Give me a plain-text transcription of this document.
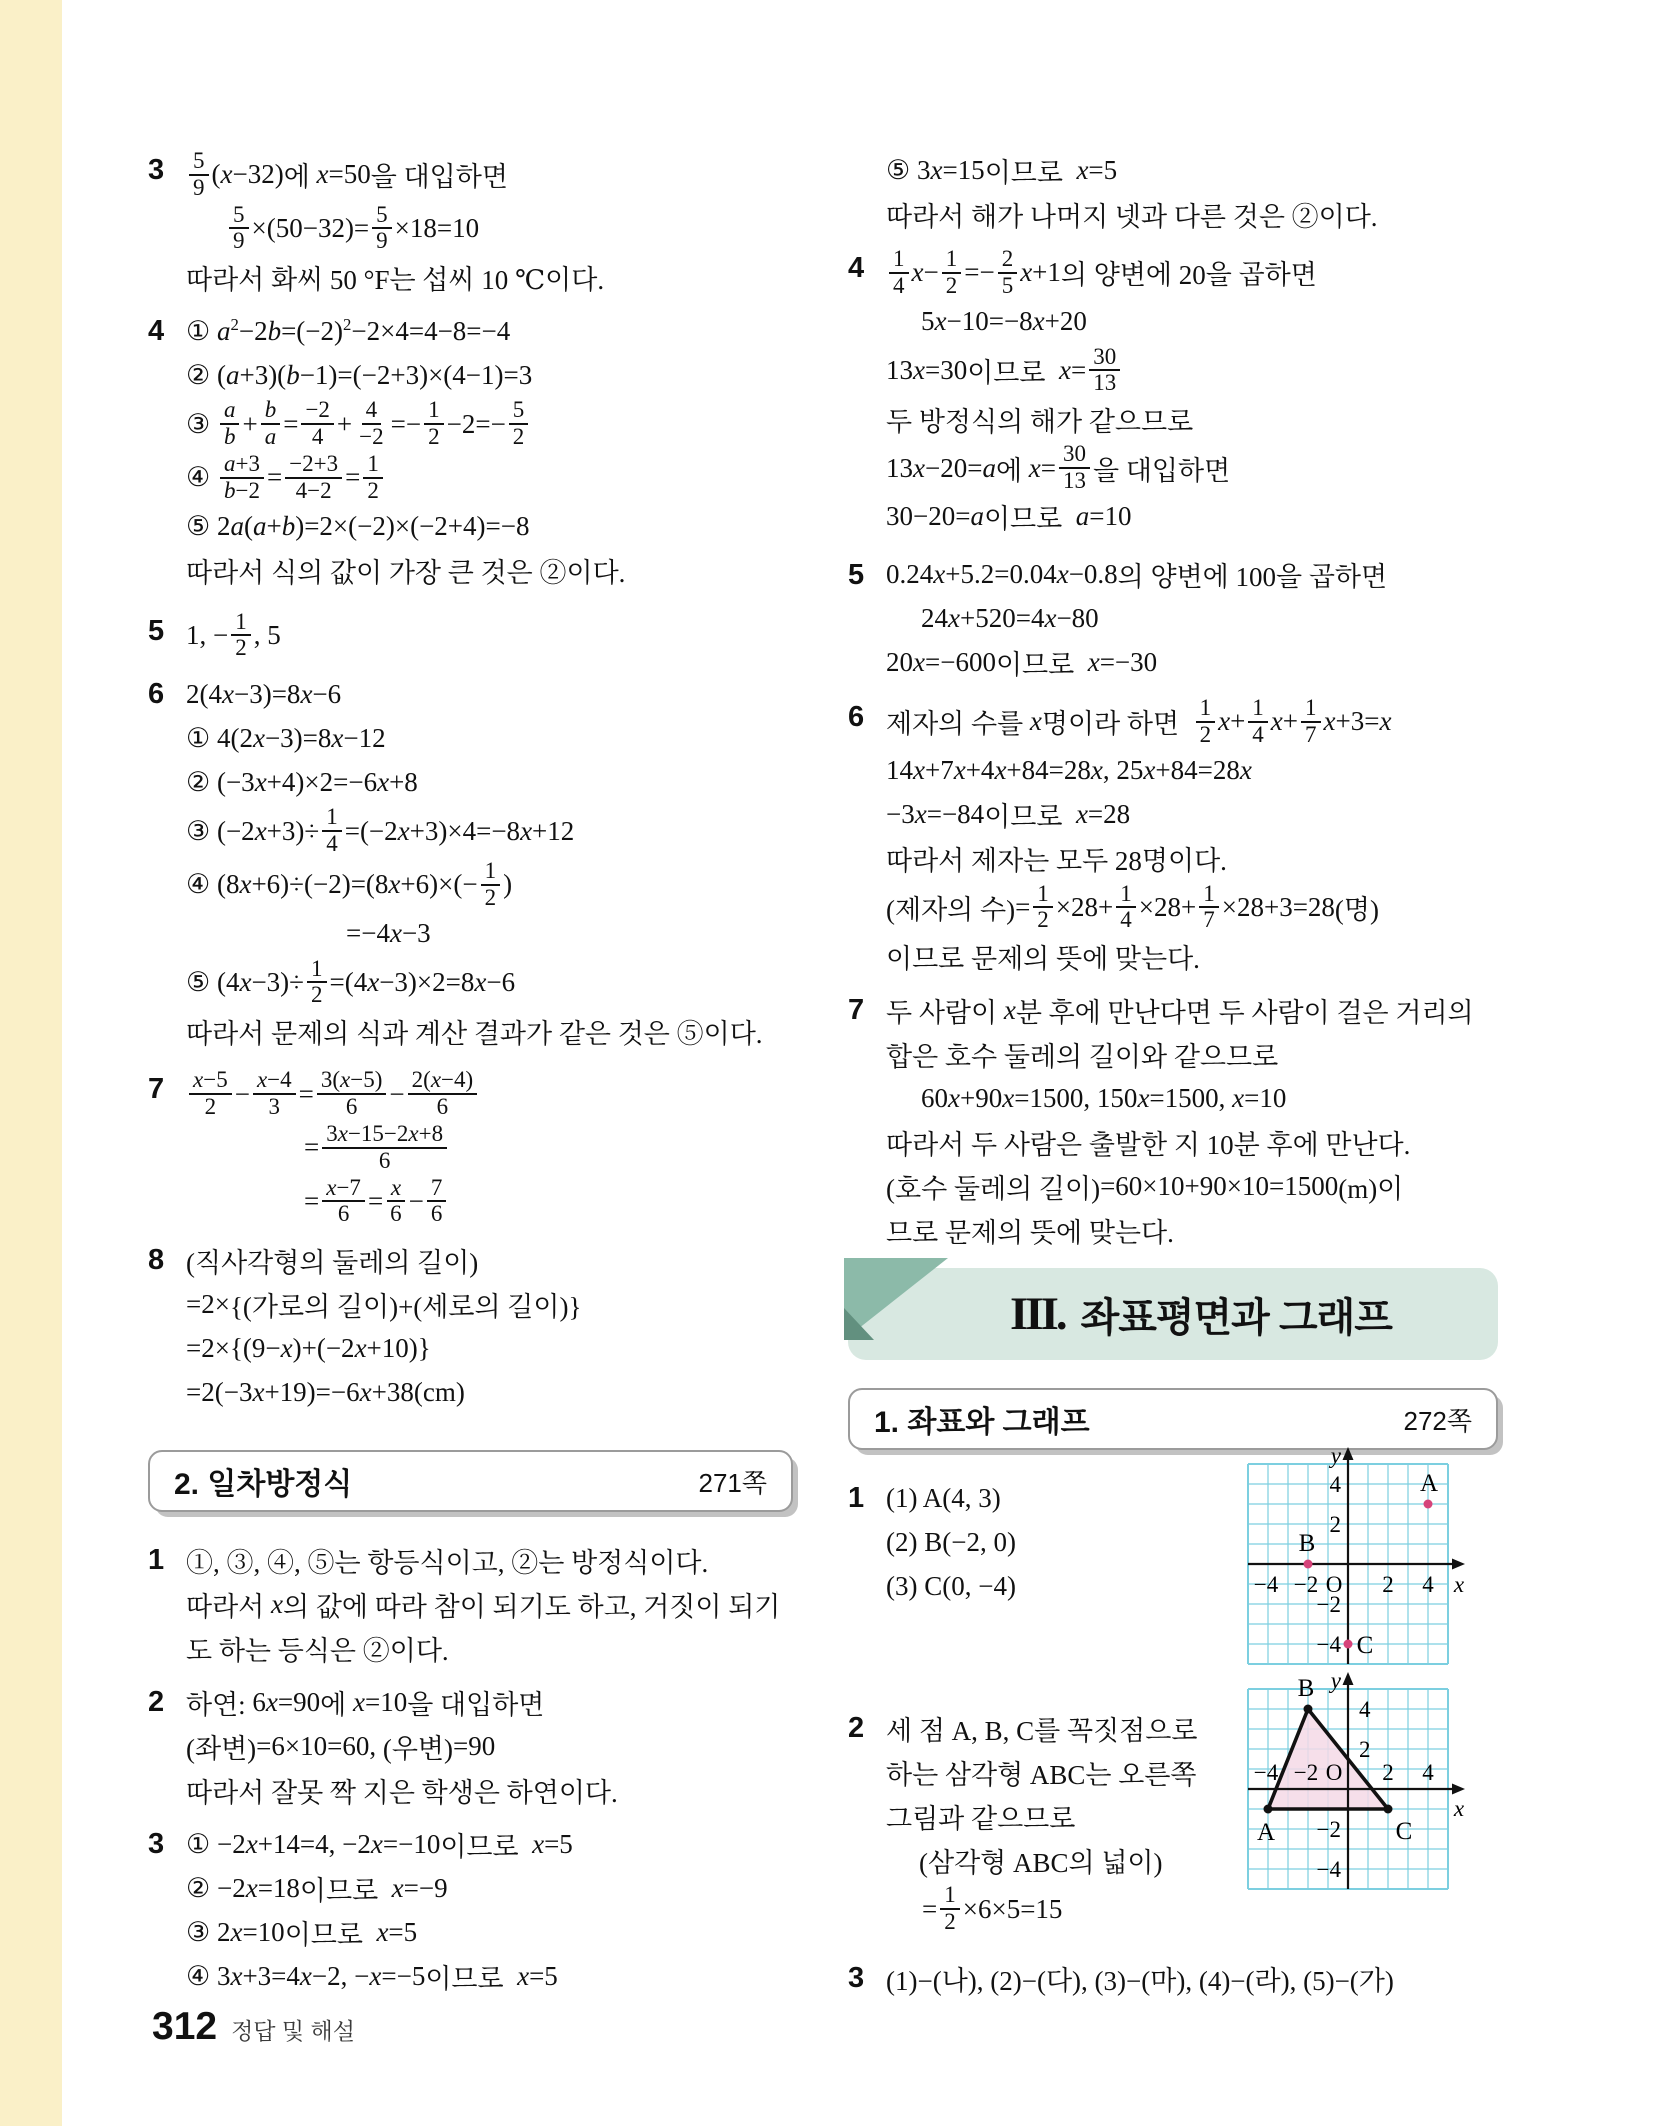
3	$\frac{5}{9} (x-32)$ 에 x=50 을 대입하면
$\frac{5}{9} \times(50-32)= \frac{5}{9} \times 18=10$
따라서 화씨 50 °F는 섭씨 10 ℃이다.
4 ① $a^2-2b=(-2)^2-2\times 4=4-8=-4$
② (a+3)(b−1)=(−2+3)×(4−1)=3
③ $\frac{a}{b} + \frac{b}{a} = \frac{-2}{4} + \frac{4}{-2} =- \frac{1}{2} -2=- \frac{5}{2}$
④ $\frac{a+3}{b-2} = \frac{-2+3}{4-2} = \frac{1}{2}$
⑤ 2a(a+b)=2×(−2)×(−2+4)=−8
따라서 식의 값이 가장 큰 것은 ②이다.
5 1, − $\frac{1}{2}$ , 5
6 2(4x−3)=8x−6
① 4(2x−3)=8x−12
② (−3x+4)×2=−6x+8
③ $(-2x+3)\div \frac{1}{4} =(-2x+3)\times 4=-8x+12$
④ $(8x+6)\div(-2)=(8x+6)\times(- \frac{1}{2}$ )
=−4x−3
⑤ $(4x-3)\div \frac{1}{2} =(4x-3)\times 2=8x-6$
따라서 문제의 식과 계산 결과가 같은 것은 ⑤이다.
7	$\frac{x-5}{2} - \frac{x-4}{3} = \frac{3(x-5)}{6} - \frac{2(x-4)}{6}$
= $\frac{3x-15-2x+8}{6}$
= $\frac{x-7}{6} = \frac{x}{6} - \frac{7}{6}$
8 (직사각형의 둘레의 길이)
=2× {(가로의 길이)+(세로의 길이)}
=2×{(9−x)+(−2x+10)}
=2(−3x+19)=−6x+38 (cm)
2. 일차방정식	271쪽
1 ①, ③, ④, ⑤는 항등식이고, ②는 방정식이다.
따라서 x 의 값에 따라 참이 되기도 하고, 거짓이 되기
도 하는 등식은 ②이다.
2 하연: 6x=90 에 x=10 을 대입하면
(좌변) =6×10=60, (우변) =90
따라서 잘못 짝 지은 학생은 하연이다.
3 ① −2x+14=4, −2x=−10 이므로 x=5
② −2x=18 이므로 x=−9
③ 2x=10 이므로 x=5
④ 3x+3=4x−2, −x=−5 이므로 x=5
⑤ 3x=15 이므로 x=5
따라서 해가 나머지 넷과 다른 것은 ②이다.
4	$\frac{1}{4} x- \frac{1}{2} =- \frac{2}{5} x+1$ 의 양변에 20을 곱하면
5x−10=−8x+20
13x=30 이므로 $x= \frac{30}{13}$
두 방정식의 해가 같으므로
13x−20=a 에 $x= \frac{30}{13}$ 을 대입하면
30−20=a 이므로 a=10
5 0.24x+5.2=0.04x−0.8 의 양변에 100을 곱하면
24x+520=4x−80
20x=−600 이므로 x=−30
6 제자의 수를 x 명이라 하면 $\frac{1}{2} x+ \frac{1}{4} x+ \frac{1}{7} x+3=x$
14x+7x+4x+84=28x, 25x+84=28x
−3x=−84 이므로 x=28
따라서 제자는 모두 28명이다.
(제자의 수) = $\frac{1}{2} \times 28+ \frac{1}{4} \times 28+ \frac{1}{7} \times 28+3=28$ (명)
이므로 문제의 뜻에 맞는다.
7 두 사람이 x 분 후에 만난다면 두 사람이 걸은 거리의
합은 호수 둘레의 길이와 같으므로
60x+90x=1500, 150x=1500, x=10
따라서 두 사람은 출발한 지 10분 후에 만난다.
(호수 둘레의 길이) =60×10+90×10=1500 (m)이
므로 문제의 뜻에 맞는다.
III. 좌표평면과 그래프
1. 좌표와 그래프	272쪽
1 (1) A(4, 3)
(2) B(−2, 0)
(3) C(0, −4)
y
4
2
−2
−4
−4 −2 O 2 4 x
A
B
C
2 세 점 A, B, C를 꼭짓점으로
하는 삼각형 ABC는 오른쪽
그림과 같으므로
(삼각형 ABC의 넓이)
= $\frac{1}{2} \times 6\times 5=15$
A
B
C
y
4
2
−2
−4
−4 −2 O 2 4
x
3 (1)−(나), (2)−(다), (3)−(마), (4)−(라), (5)−(가)
312 정답 및 해설
